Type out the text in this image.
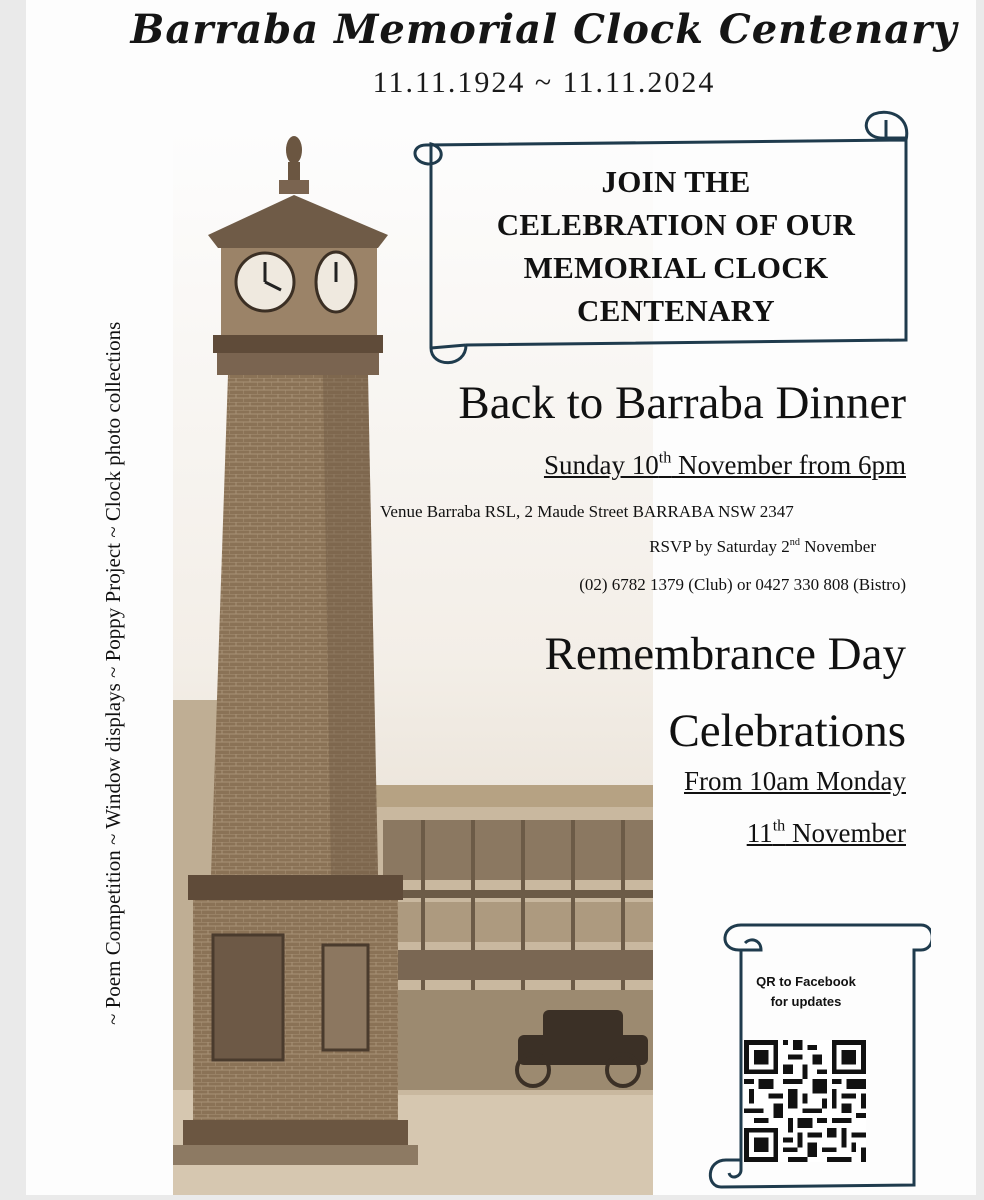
Barraba Memorial Clock Centenary
11.11.1924 ~ 11.11.2024
~ Poem Competition ~ Window displays ~ Poppy Project ~ Clock photo collections
JOIN THE
CELEBRATION OF OUR
MEMORIAL CLOCK
CENTENARY
Back to Barraba Dinner
Sunday 10th November from 6pm
Venue Barraba RSL, 2 Maude Street BARRABA NSW 2347
RSVP by Saturday 2nd November
(02) 6782 1379 (Club) or 0427 330 808 (Bistro)
Remembrance Day
Celebrations
From 10am Monday
11th November
QR to Facebook
for updates
